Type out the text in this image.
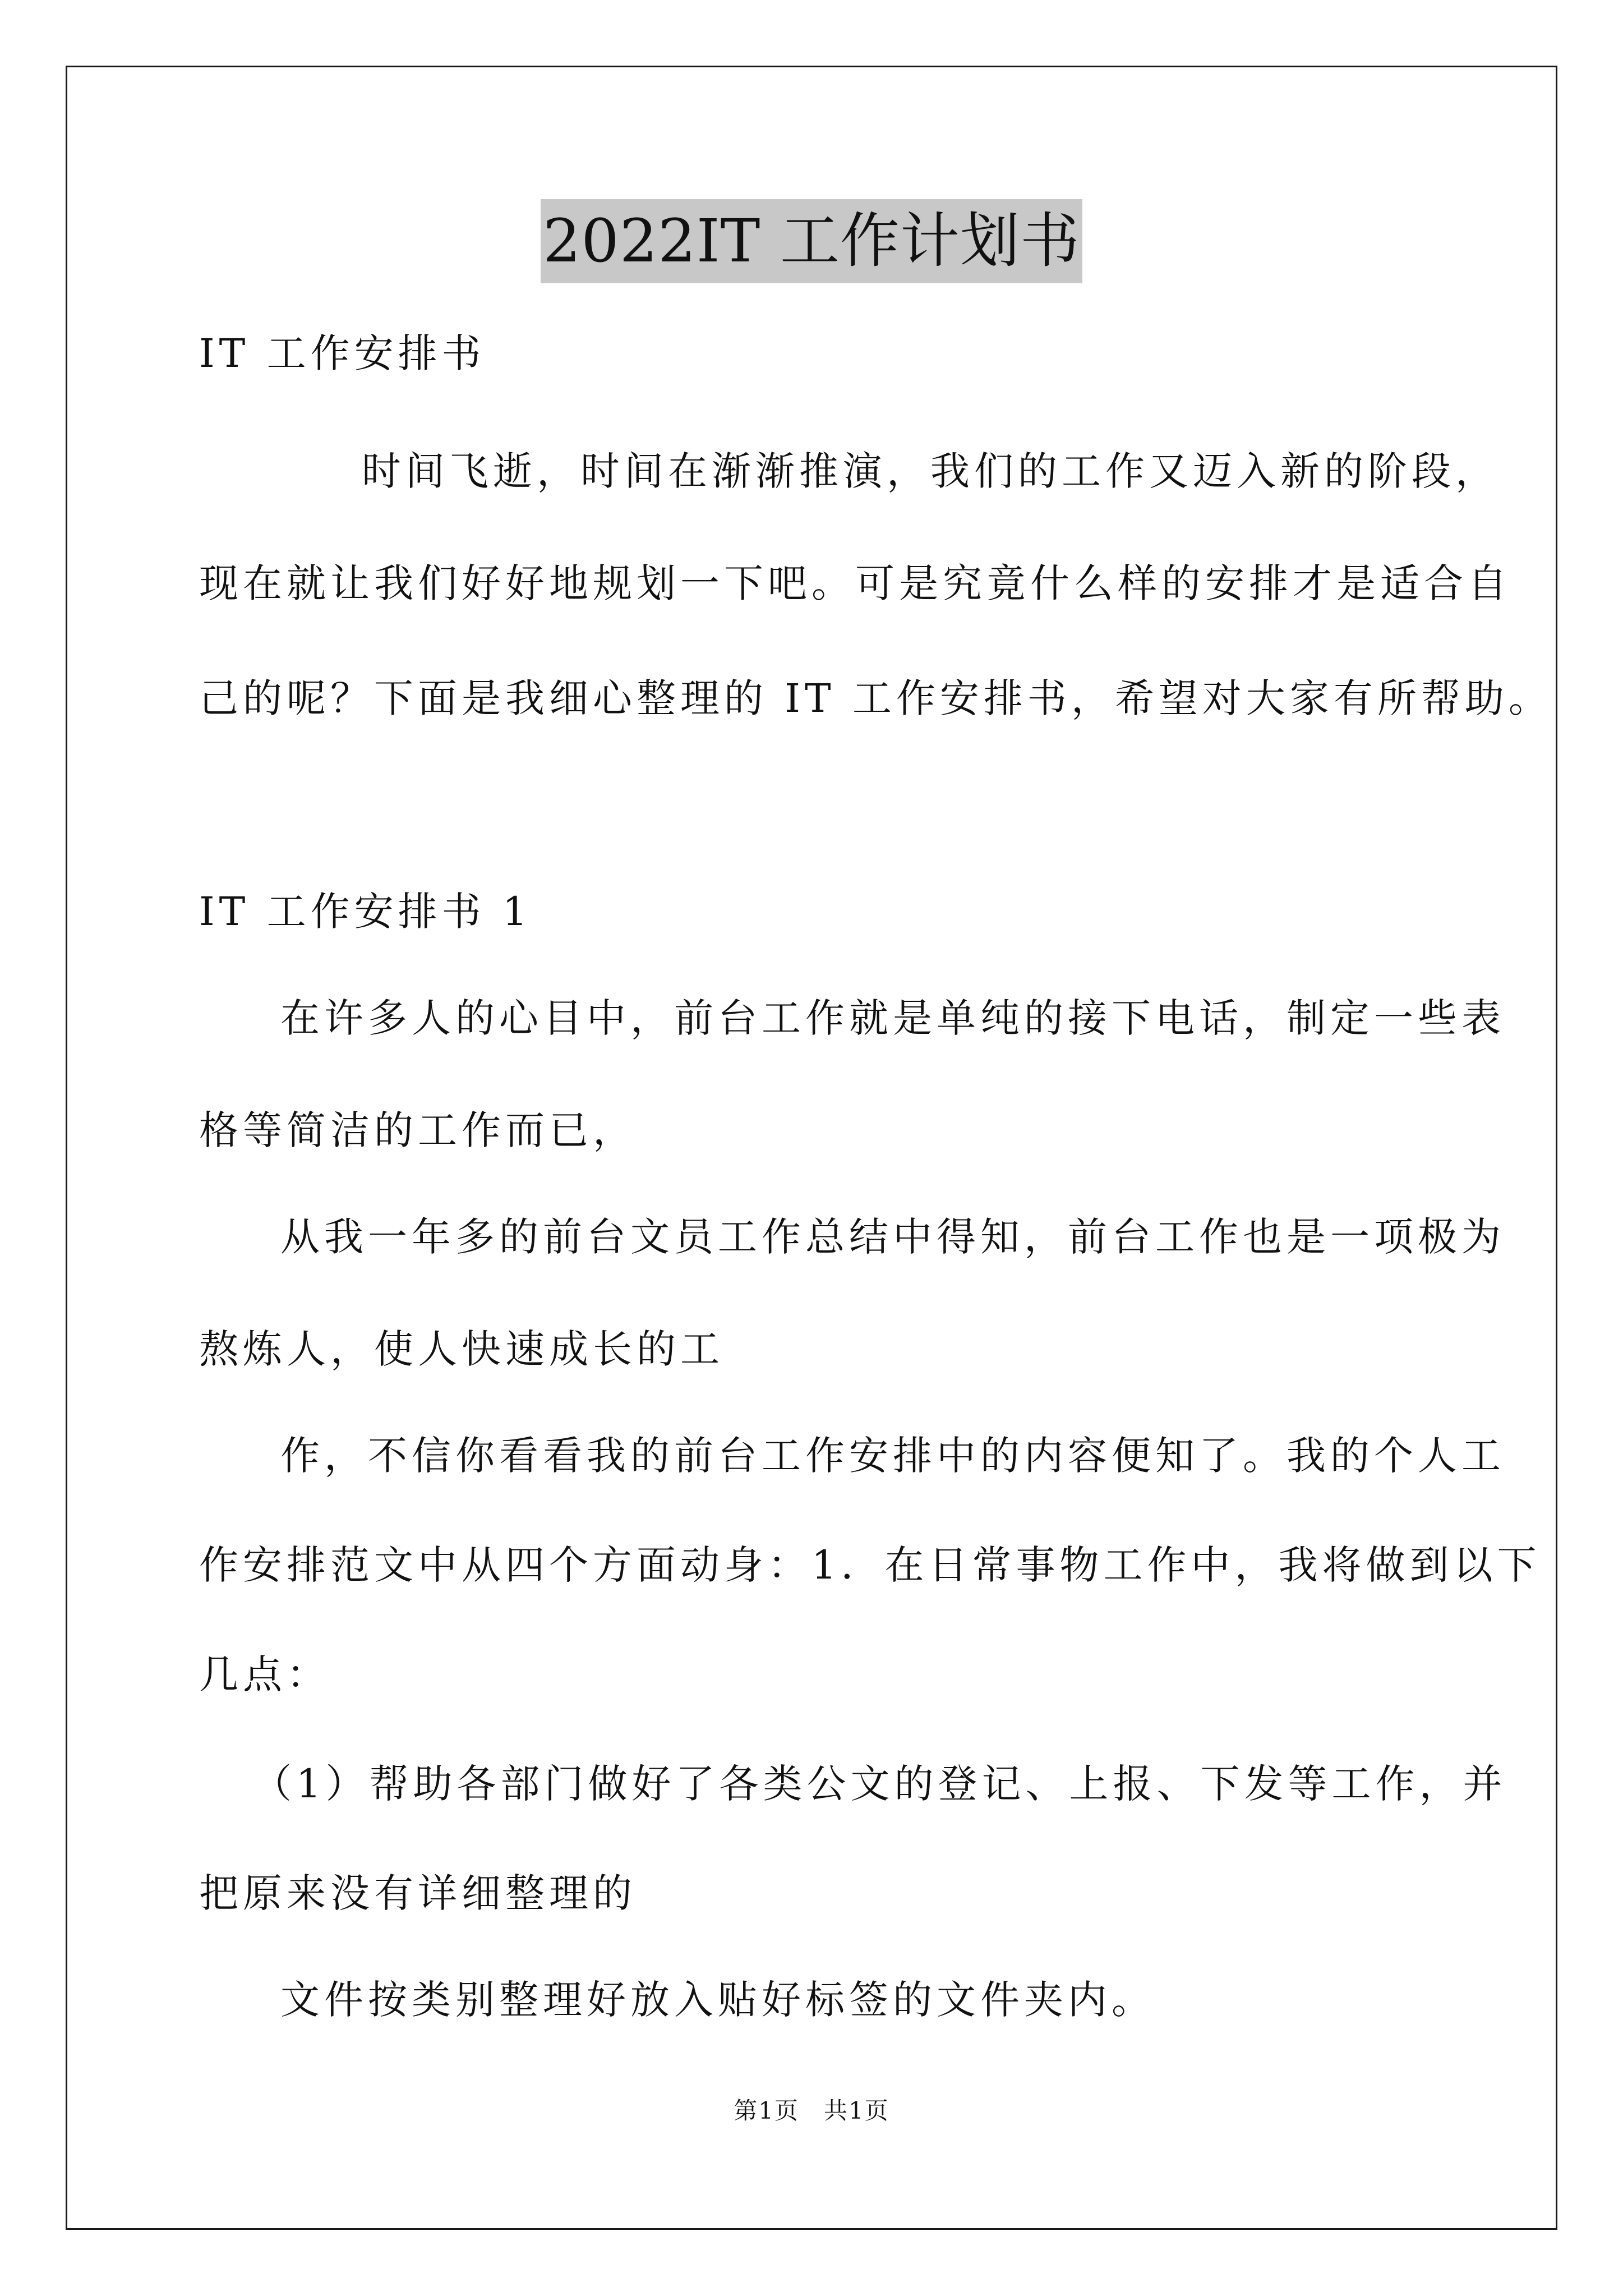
2022IT 工作计划书
IT 工作安排书
时间飞逝，时间在渐渐推演，我们的工作又迈入新的阶段，
现在就让我们好好地规划一下吧。可是究竟什么样的安排才是适合自
己的呢？下面是我细心整理的 IT 工作安排书，希望对大家有所帮助。
IT 工作安排书 1
在许多人的心目中，前台工作就是单纯的接下电话，制定一些表
格等简洁的工作而已，
从我一年多的前台文员工作总结中得知，前台工作也是一项极为
熬炼人，使人快速成长的工
作，不信你看看我的前台工作安排中的内容便知了。我的个人工
作安排范文中从四个方面动身：1．在日常事物工作中，我将做到以下
几点：
（1）帮助各部门做好了各类公文的登记、上报、下发等工作，并
把原来没有详细整理的
文件按类别整理好放入贴好标签的文件夹内。
第1页　共1页
